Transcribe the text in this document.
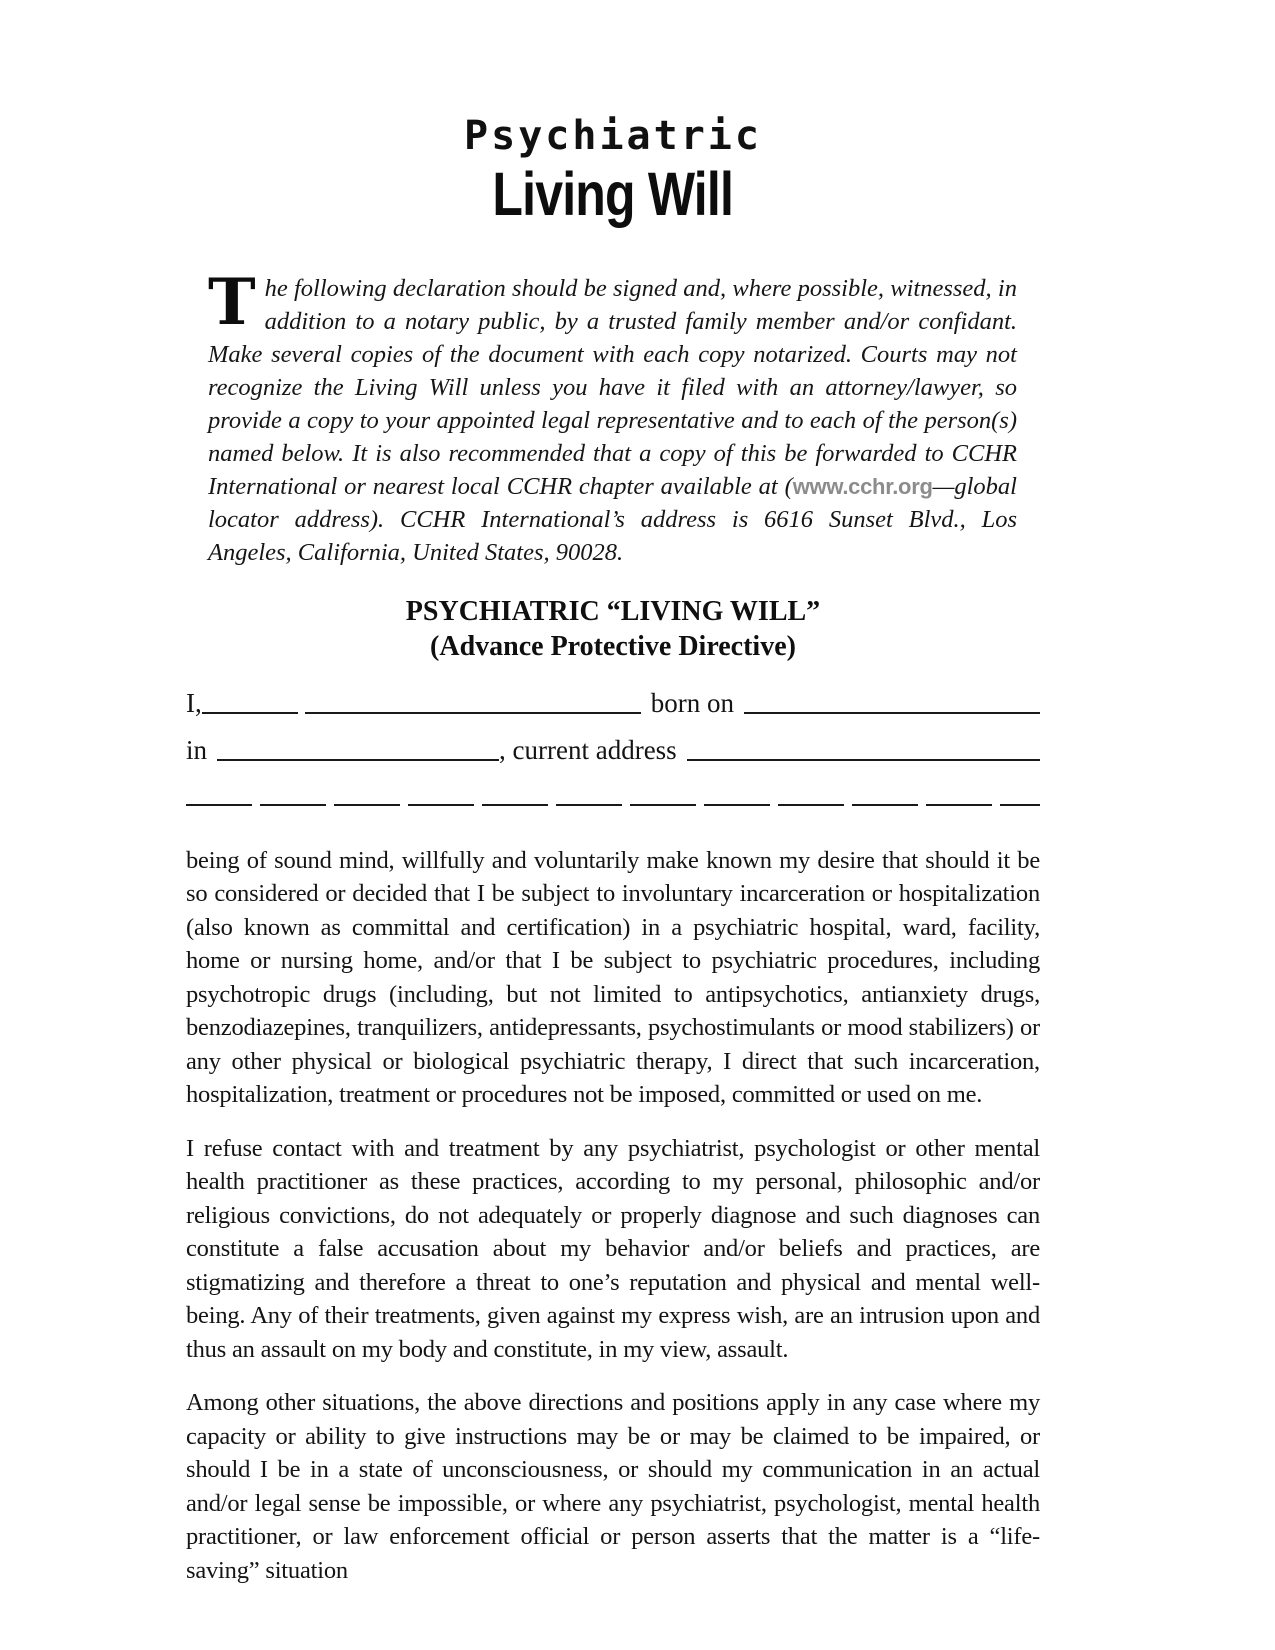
Psychiatric
Living Will

The following declaration should be signed and, where possible, witnessed, in addition to a notary public, by a trusted family member and/or confidant. Make several copies of the document with each copy notarized. Courts may not recognize the Living Will unless you have it filed with an attorney/lawyer, so provide a copy to your appointed legal representative and to each of the person(s) named below. It is also recommended that a copy of this be forwarded to CCHR International or nearest local CCHR chapter available at (www.cchr.org—global locator address). CCHR International’s address is 6616 Sunset Blvd., Los Angeles, California, United States, 90028.

PSYCHIATRIC “LIVING WILL”
(Advance Protective Directive)
I,	born on
in	, current address

being of sound mind, willfully and voluntarily make known my desire that should it be so considered or decided that I be subject to involuntary incarceration or hospitalization (also known as committal and certification) in a psychiatric hospital, ward, facility, home or nursing home, and/or that I be subject to psychiatric procedures, including psychotropic drugs (including, but not limited to antipsychotics, antianxiety drugs, benzodiazepines, tranquilizers, antidepressants, psychostimulants or mood stabilizers) or any other physical or biological psychiatric therapy, I direct that such incarceration, hospitalization, treatment or procedures not be imposed, committed or used on me.

I refuse contact with and treatment by any psychiatrist, psychologist or other mental health practitioner as these practices, according to my personal, philosophic and/or religious convictions, do not adequately or properly diagnose and such diagnoses can constitute a false accusation about my behavior and/or beliefs and practices, are stigmatizing and therefore a threat to one’s reputation and physical and mental well-being. Any of their treatments, given against my express wish, are an intrusion upon and thus an assault on my body and constitute, in my view, assault.

Among other situations, the above directions and positions apply in any case where my capacity or ability to give instructions may be or may be claimed to be impaired, or should I be in a state of unconsciousness, or should my communication in an actual and/or legal sense be impossible, or where any psychiatrist, psychologist, mental health practitioner, or law enforcement official or person asserts that the matter is a “life-saving” situation
